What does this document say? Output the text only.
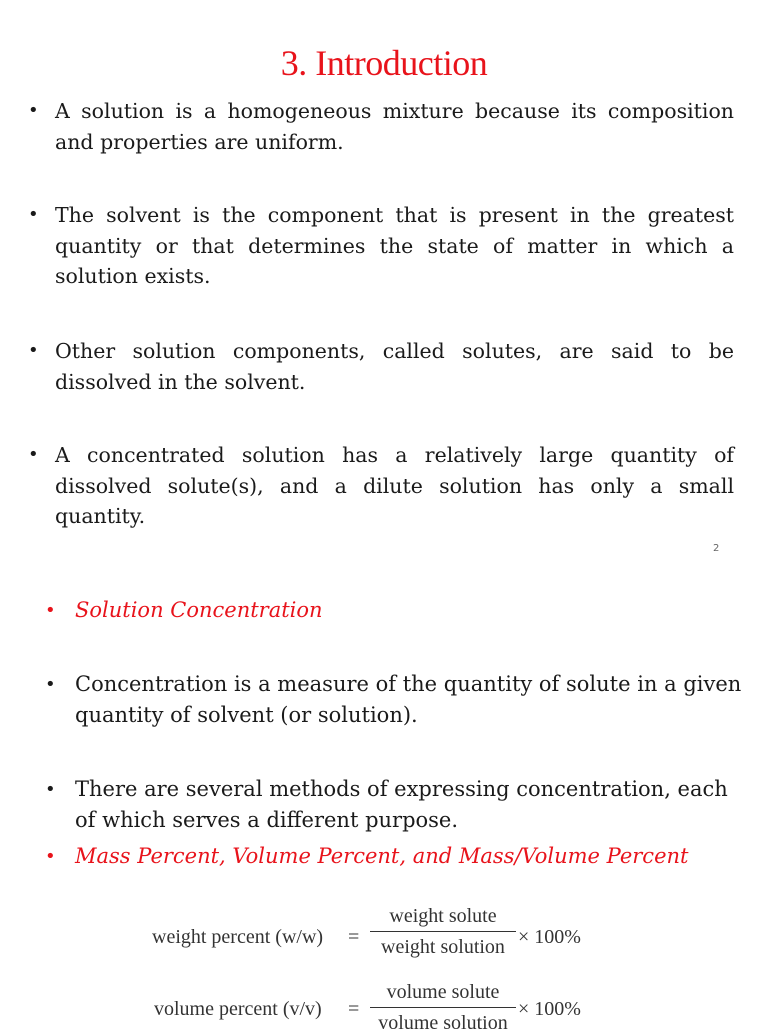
3. Introduction
• A solution is a homogeneous mixture because its composition and properties are uniform.
• The solvent is the component that is present in the greatest quantity or that determines the state of matter in which a solution exists.
• Other solution components, called solutes, are said to be dissolved in the solvent.
• A concentrated solution has a relatively large quantity of dissolved solute(s), and a dilute solution has only a small quantity.
2
• Solution Concentration
• Concentration is a measure of the quantity of solute in a given quantity of solvent (or solution).
• There are several methods of expressing concentration, each of which serves a different purpose.
• Mass Percent, Volume Percent, and Mass/Volume Percent
weight percent (w/w) =
weight solute
weight solution × 100%
volume percent (v/v) =
volume solute
volume solution
× 100%
